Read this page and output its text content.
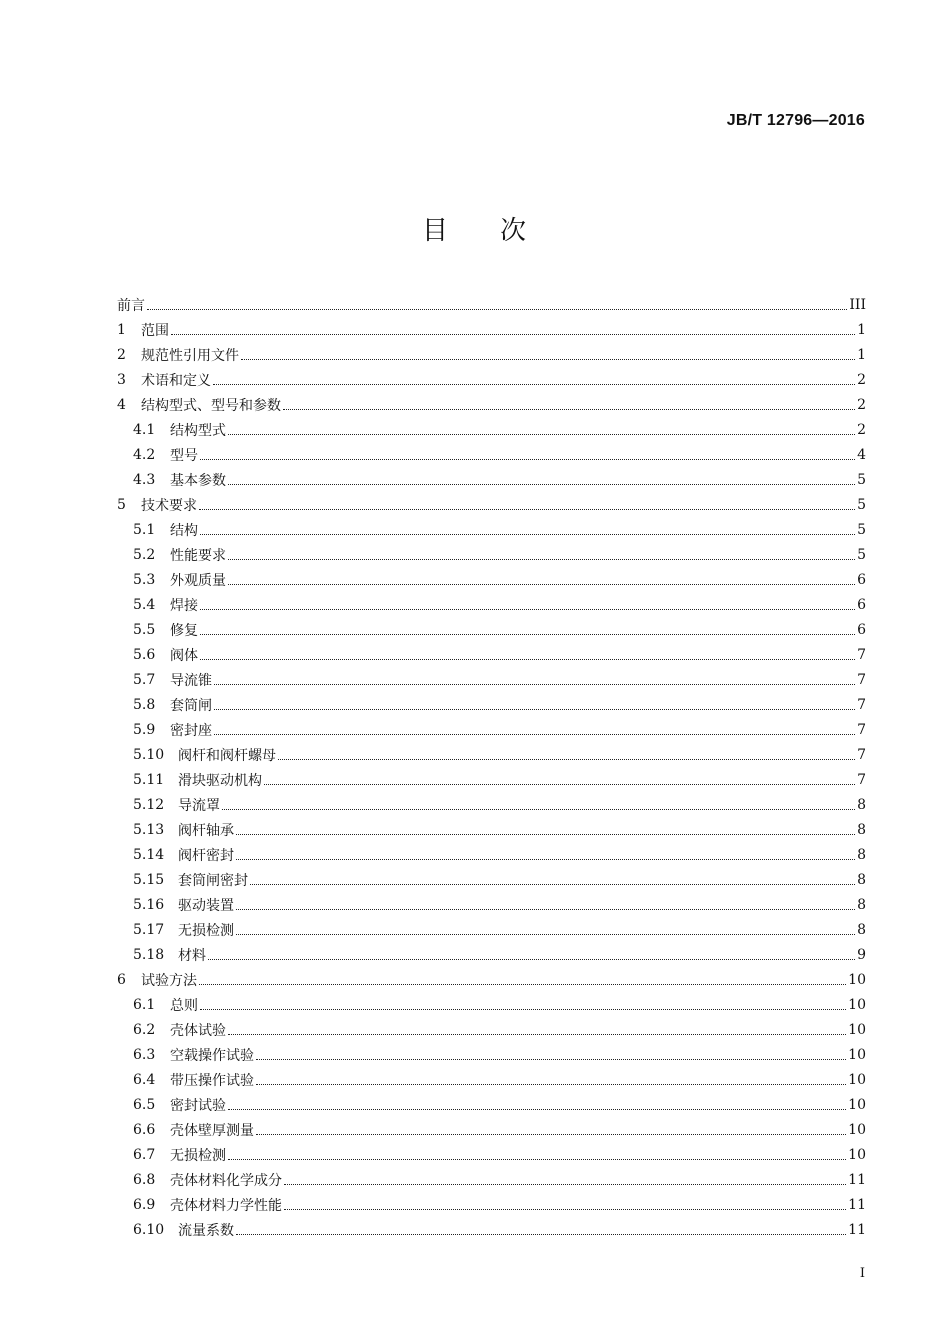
JB/T 12796—2016
目 次
前言	III
1	范围	1
2	规范性引用文件	1
3	术语和定义	2
4	结构型式、型号和参数	2
4.1	结构型式	2
4.2	型号	4
4.3	基本参数	5
5	技术要求	5
5.1	结构	5
5.2	性能要求	5
5.3	外观质量	6
5.4	焊接	6
5.5	修复	6
5.6	阀体	7
5.7	导流锥	7
5.8	套筒闸	7
5.9	密封座	7
5.10 阀杆和阀杆螺母	7
5.11 滑块驱动机构	7
5.12 导流罩	8
5.13 阀杆轴承	8
5.14 阀杆密封	8
5.15 套筒闸密封	8
5.16 驱动装置	8
5.17 无损检测	8
5.18 材料	9
6	试验方法	10
6.1	总则	10
6.2	壳体试验	10
6.3	空载操作试验	10
6.4	带压操作试验	10
6.5	密封试验	10
6.6	壳体壁厚测量	10
6.7	无损检测	10
6.8	壳体材料化学成分	11
6.9	壳体材料力学性能	11
6.10 流量系数	11
I
